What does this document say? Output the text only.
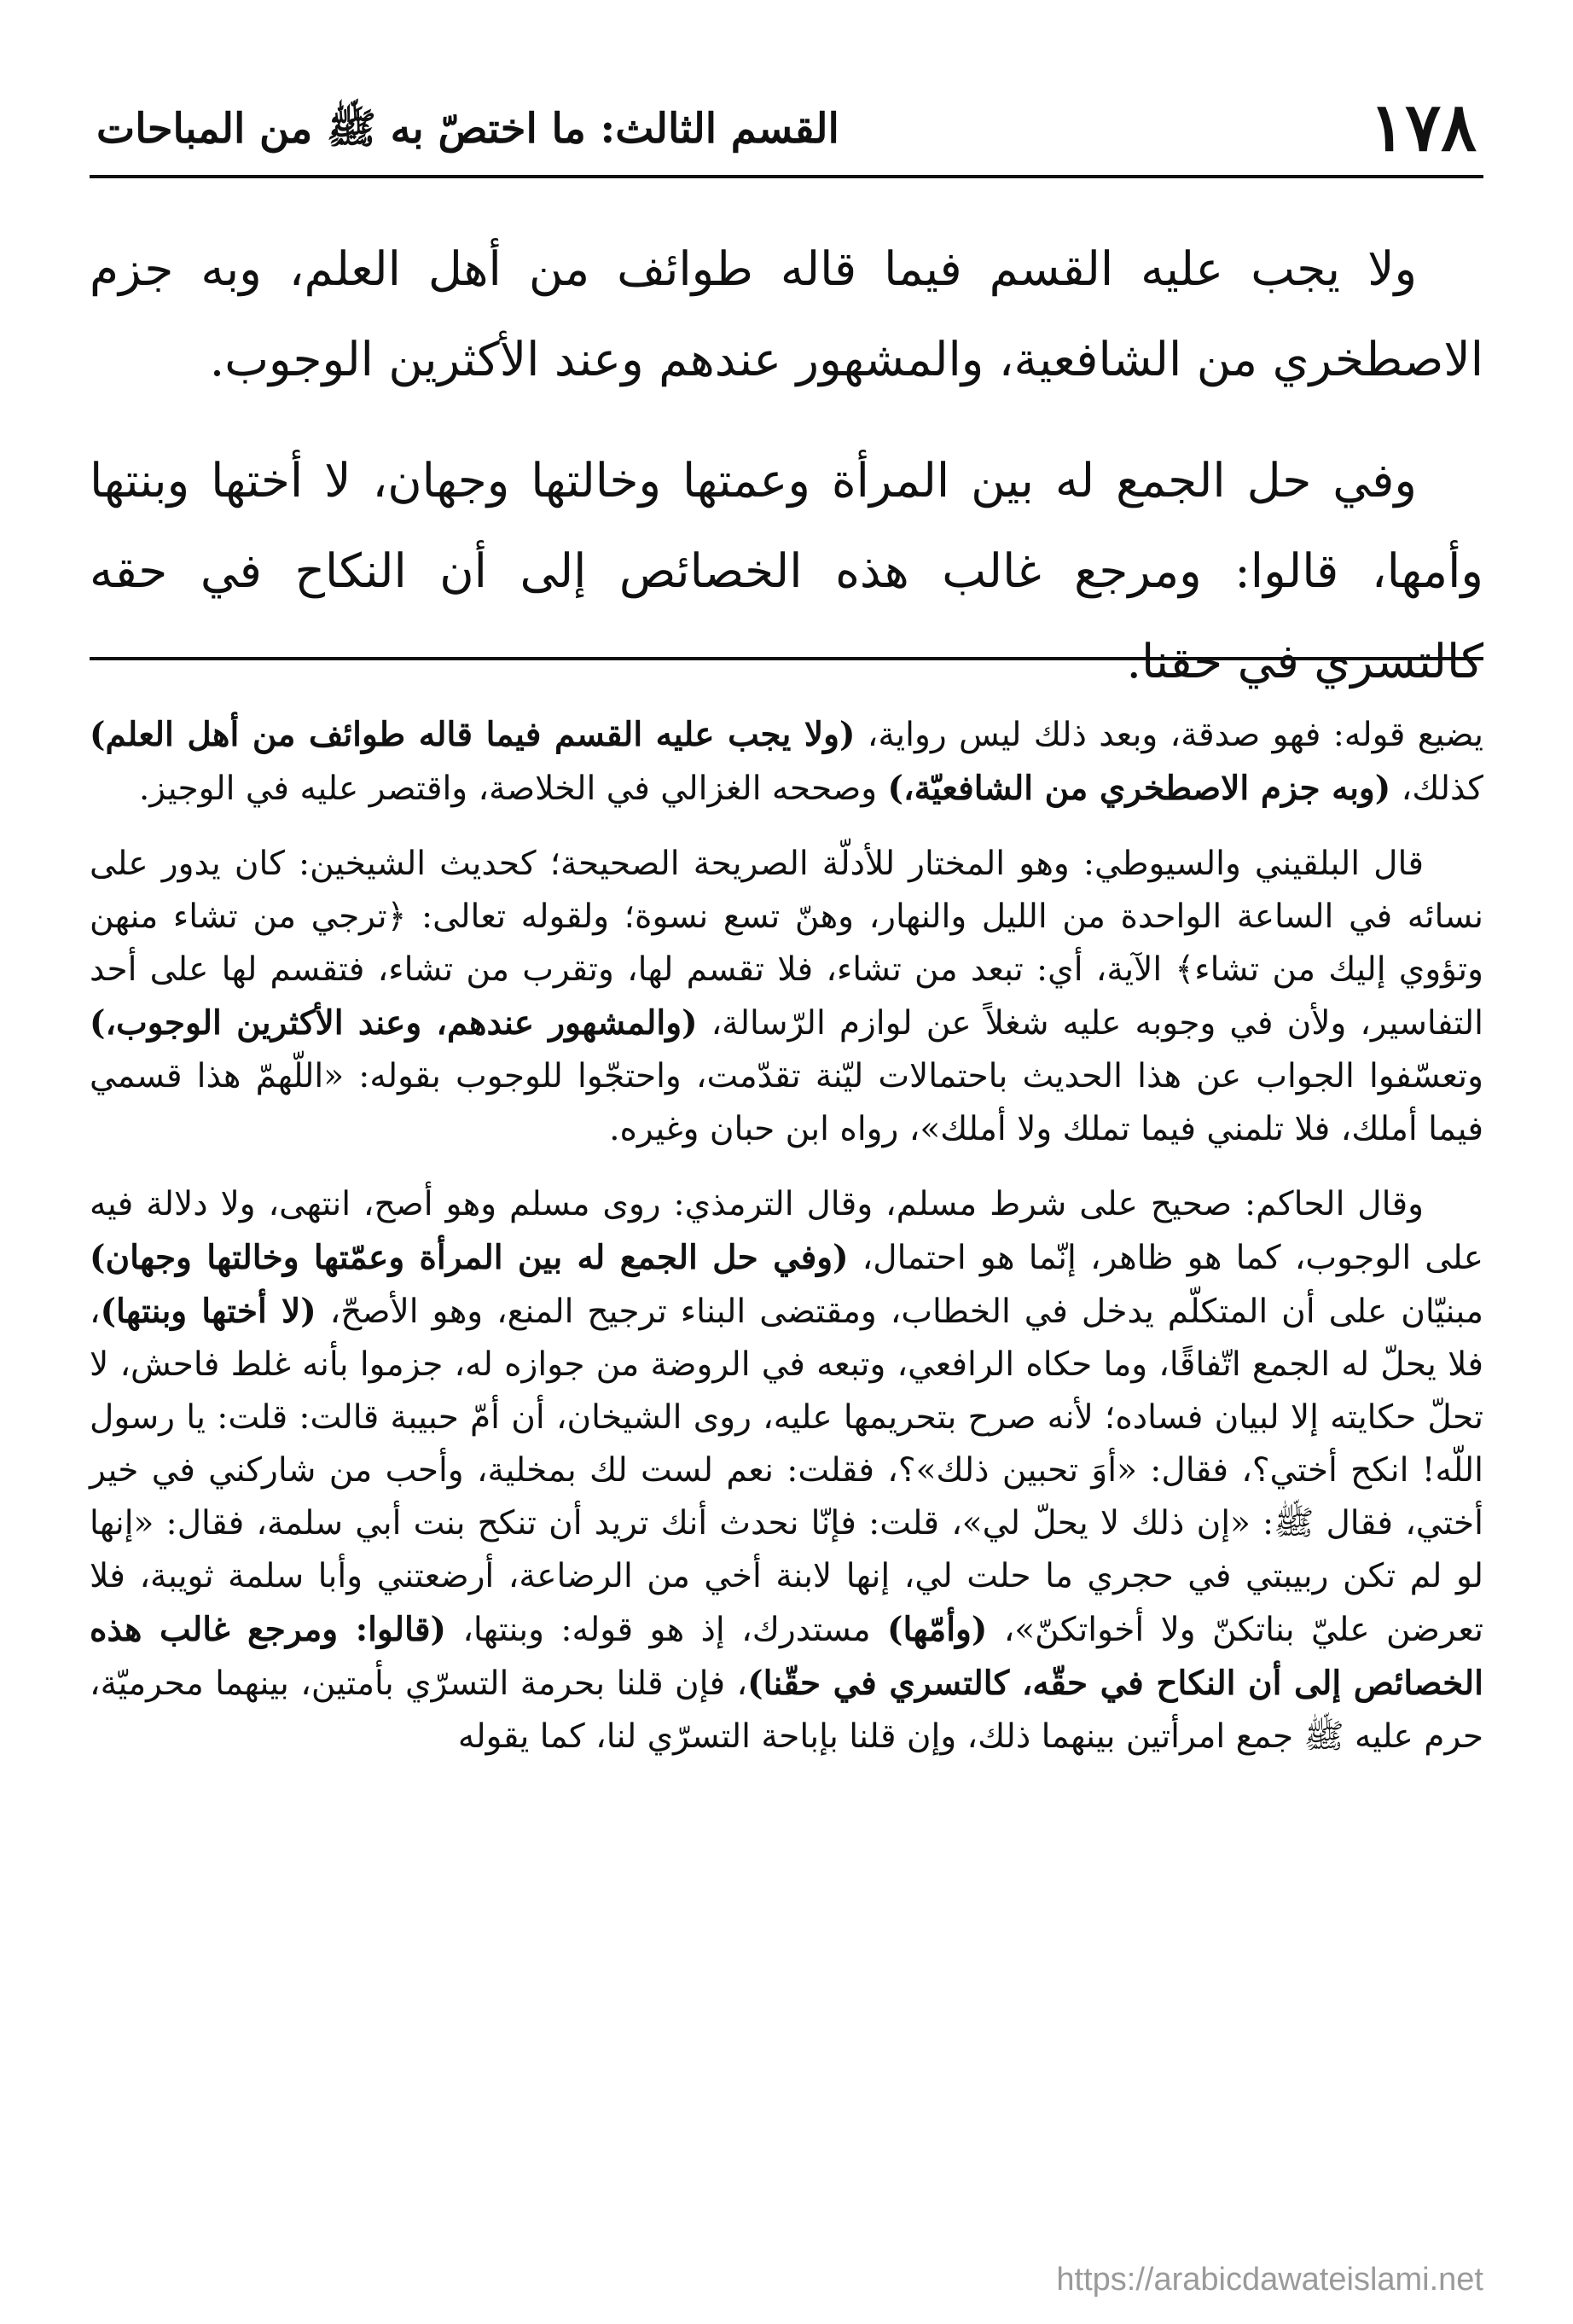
١٧٨
القسم الثالث: ما اختصّ به ﷺ من المباحات

ولا يجب عليه القسم فيما قاله طوائف من أهل العلم، وبه جزم الاصطخري من الشافعية، والمشهور عندهم وعند الأكثرين الوجوب.

وفي حل الجمع له بين المرأة وعمتها وخالتها وجهان، لا أختها وبنتها وأمها، قالوا: ومرجع غالب هذه الخصائص إلى أن النكاح في حقه كالتسري في حقنا.

يضيع قوله: فهو صدقة، وبعد ذلك ليس رواية، (ولا يجب عليه القسم فيما قاله طوائف من أهل العلم) كذلك، (وبه جزم الاصطخري من الشافعيّة،) وصححه الغزالي في الخلاصة، واقتصر عليه في الوجيز.

قال البلقيني والسيوطي: وهو المختار للأدلّة الصريحة الصحيحة؛ كحديث الشيخين: كان يدور على نسائه في الساعة الواحدة من الليل والنهار، وهنّ تسع نسوة؛ ولقوله تعالى: ﴿ترجي من تشاء منهن وتؤوي إليك من تشاء﴾ الآية، أي: تبعد من تشاء، فلا تقسم لها، وتقرب من تشاء، فتقسم لها على أحد التفاسير، ولأن في وجوبه عليه شغلاً عن لوازم الرّسالة، (والمشهور عندهم، وعند الأكثرين الوجوب،) وتعسّفوا الجواب عن هذا الحديث باحتمالات ليّنة تقدّمت، واحتجّوا للوجوب بقوله: «اللّهمّ هذا قسمي فيما أملك، فلا تلمني فيما تملك ولا أملك»، رواه ابن حبان وغيره.

وقال الحاكم: صحيح على شرط مسلم، وقال الترمذي: روى مسلم وهو أصح، انتهى، ولا دلالة فيه على الوجوب، كما هو ظاهر، إنّما هو احتمال، (وفي حل الجمع له بين المرأة وعمّتها وخالتها وجهان) مبنيّان على أن المتكلّم يدخل في الخطاب، ومقتضى البناء ترجيح المنع، وهو الأصحّ، (لا أختها وبنتها)، فلا يحلّ له الجمع اتّفاقًا، وما حكاه الرافعي، وتبعه في الروضة من جوازه له، جزموا بأنه غلط فاحش، لا تحلّ حكايته إلا لبيان فساده؛ لأنه صرح بتحريمها عليه، روى الشيخان، أن أمّ حبيبة قالت: قلت: يا رسول اللّه! انكح أختي؟، فقال: «أوَ تحبين ذلك»؟، فقلت: نعم لست لك بمخلية، وأحب من شاركني في خير أختي، فقال ﷺ: «إن ذلك لا يحلّ لي»، قلت: فإنّا نحدث أنك تريد أن تنكح بنت أبي سلمة، فقال: «إنها لو لم تكن ربيبتي في حجري ما حلت لي، إنها لابنة أخي من الرضاعة، أرضعتني وأبا سلمة ثويبة، فلا تعرضن عليّ بناتكنّ ولا أخواتكنّ»، (وأمّها) مستدرك، إذ هو قوله: وبنتها، (قالوا: ومرجع غالب هذه الخصائص إلى أن النكاح في حقّه، كالتسري في حقّنا)، فإن قلنا بحرمة التسرّي بأمتين، بينهما محرميّة، حرم عليه ﷺ جمع امرأتين بينهما ذلك، وإن قلنا بإباحة التسرّي لنا، كما يقوله

https://arabicdawateislami.net
